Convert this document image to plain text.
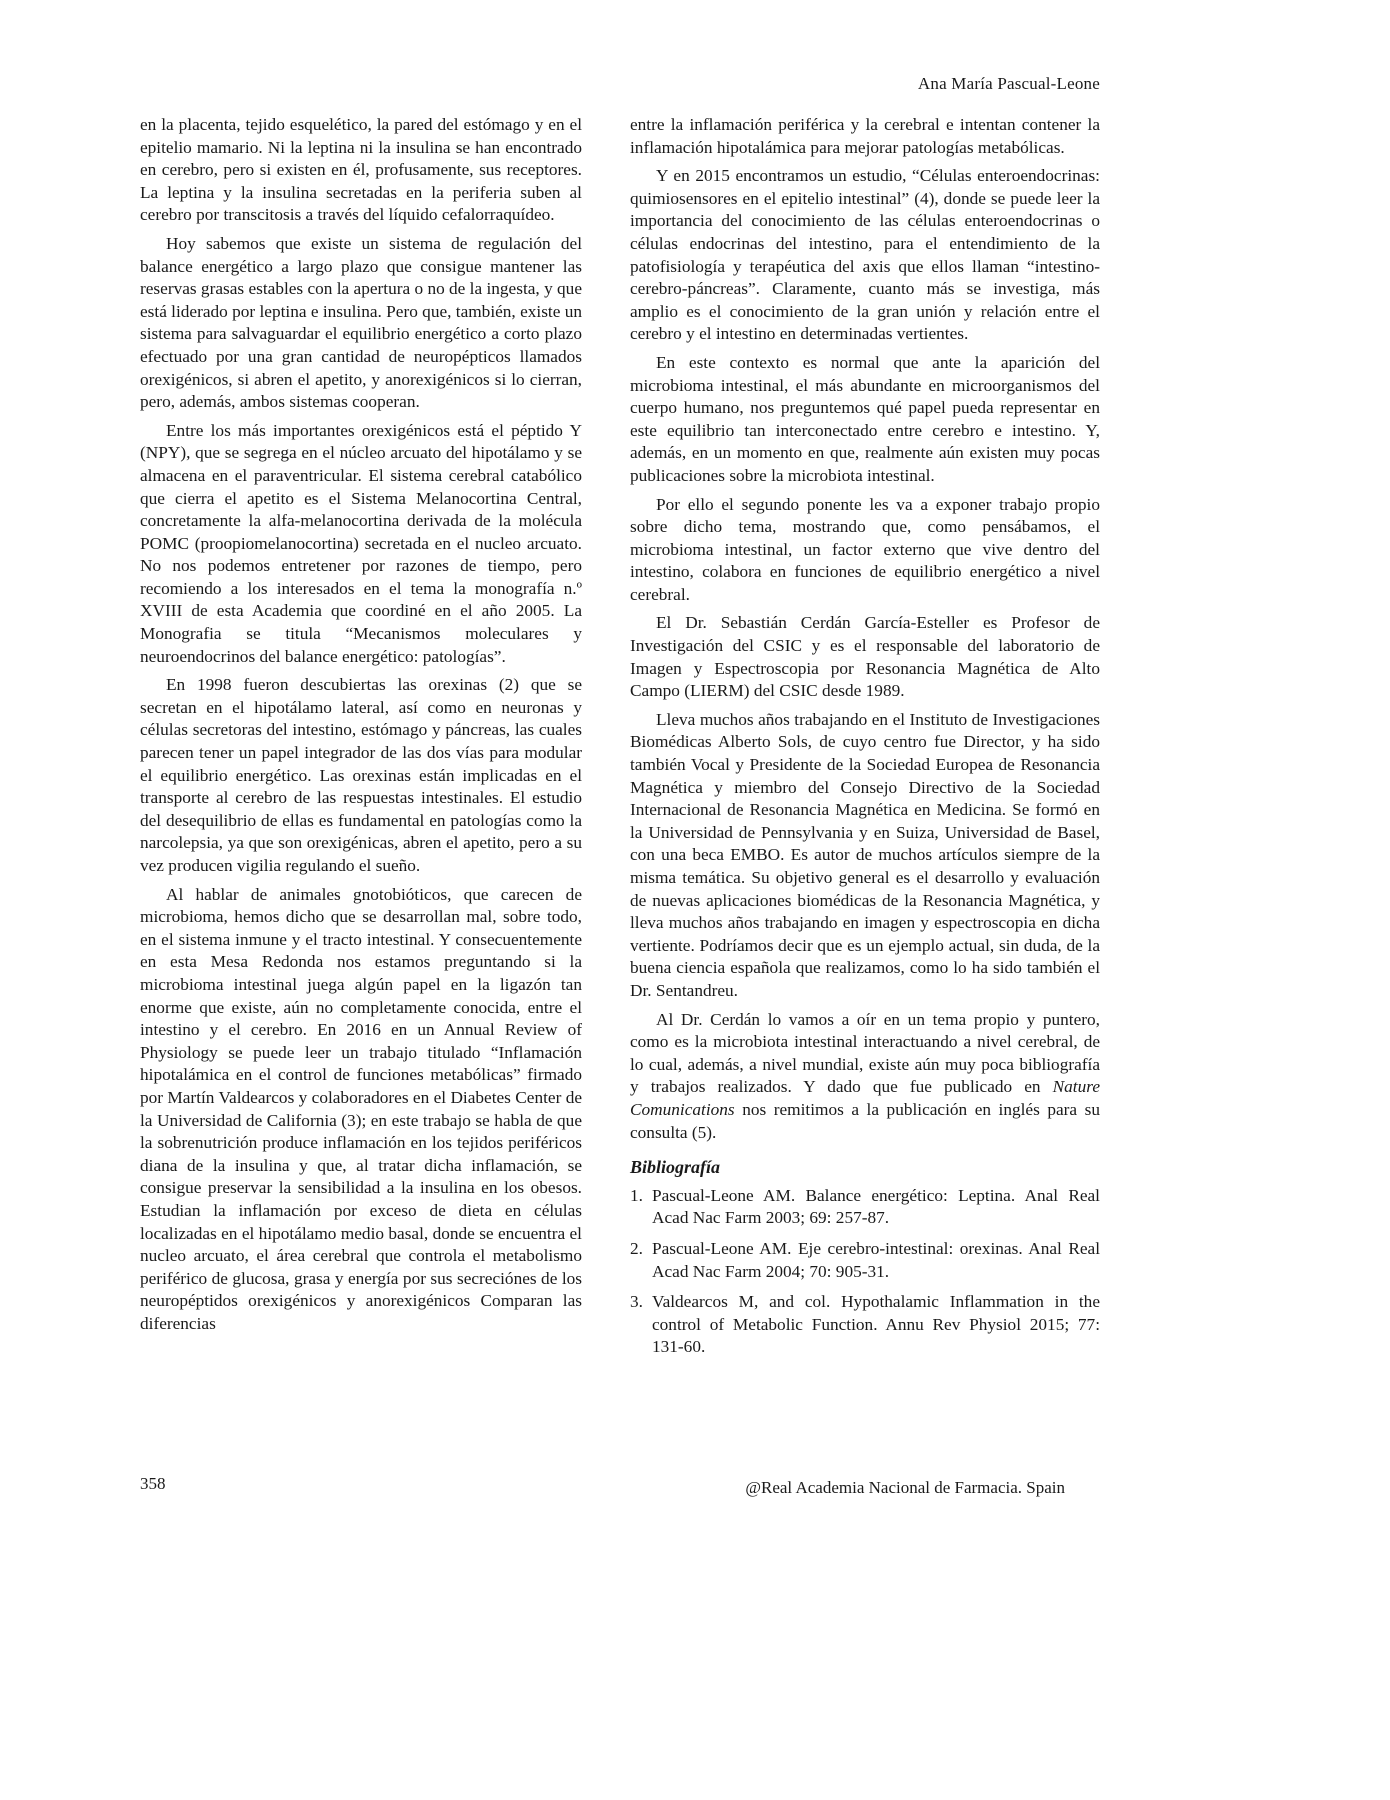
Ana María Pascual-Leone

en la placenta, tejido esquelético, la pared del estómago y en el epitelio mamario. Ni la leptina ni la insulina se han encontrado en cerebro, pero si existen en él, profusamente, sus receptores. La leptina y la insulina secretadas en la periferia suben al cerebro por transcitosis a través del líquido cefalorraquídeo.

Hoy sabemos que existe un sistema de regulación del balance energético a largo plazo que consigue mantener las reservas grasas estables con la apertura o no de la ingesta, y que está liderado por leptina e insulina. Pero que, también, existe un sistema para salvaguardar el equilibrio energético a corto plazo efectuado por una gran cantidad de neuropépticos llamados orexigénicos, si abren el apetito, y anorexigénicos si lo cierran, pero, además, ambos sistemas cooperan.

Entre los más importantes orexigénicos está el péptido Y (NPY), que se segrega en el núcleo arcuato del hipotálamo y se almacena en el paraventricular. El sistema cerebral catabólico que cierra el apetito es el Sistema Melanocortina Central, concretamente la alfa-melanocortina derivada de la molécula POMC (proopiomelanocortina) secretada en el nucleo arcuato. No nos podemos entretener por razones de tiempo, pero recomiendo a los interesados en el tema la monografía n.º XVIII de esta Academia que coordiné en el año 2005. La Monografia se titula “Mecanismos moleculares y neuroendocrinos del balance energético: patologías”.

En 1998 fueron descubiertas las orexinas (2) que se secretan en el hipotálamo lateral, así como en neuronas y células secretoras del intestino, estómago y páncreas, las cuales parecen tener un papel integrador de las dos vías para modular el equilibrio energético. Las orexinas están implicadas en el transporte al cerebro de las respuestas intestinales. El estudio del desequilibrio de ellas es fundamental en patologías como la narcolepsia, ya que son orexigénicas, abren el apetito, pero a su vez producen vigilia regulando el sueño.

Al hablar de animales gnotobióticos, que carecen de microbioma, hemos dicho que se desarrollan mal, sobre todo, en el sistema inmune y el tracto intestinal. Y consecuentemente en esta Mesa Redonda nos estamos preguntando si la microbioma intestinal juega algún papel en la ligazón tan enorme que existe, aún no completamente conocida, entre el intestino y el cerebro. En 2016 en un Annual Review of Physiology se puede leer un trabajo titulado “Inflamación hipotalámica en el control de funciones metabólicas” firmado por Martín Valdearcos y colaboradores en el Diabetes Center de la Universidad de California (3); en este trabajo se habla de que la sobrenutrición produce inflamación en los tejidos periféricos diana de la insulina y que, al tratar dicha inflamación, se consigue preservar la sensibilidad a la insulina en los obesos. Estudian la inflamación por exceso de dieta en células localizadas en el hipotálamo medio basal, donde se encuentra el nucleo arcuato, el área cerebral que controla el metabolismo periférico de glucosa, grasa y energía por sus secreciónes de los neuropéptidos orexigénicos y anorexigénicos Comparan las diferencias

entre la inflamación periférica y la cerebral e intentan contener la inflamación hipotalámica para mejorar patologías metabólicas.

Y en 2015 encontramos un estudio, “Células enteroendocrinas: quimiosensores en el epitelio intestinal” (4), donde se puede leer la importancia del conocimiento de las células enteroendocrinas o células endocrinas del intestino, para el entendimiento de la patofisiología y terapéutica del axis que ellos llaman “intestino-cerebro-páncreas”. Claramente, cuanto más se investiga, más amplio es el conocimiento de la gran unión y relación entre el cerebro y el intestino en determinadas vertientes.

En este contexto es normal que ante la aparición del microbioma intestinal, el más abundante en microorganismos del cuerpo humano, nos preguntemos qué papel pueda representar en este equilibrio tan interconectado entre cerebro e intestino. Y, además, en un momento en que, realmente aún existen muy pocas publicaciones sobre la microbiota intestinal.

Por ello el segundo ponente les va a exponer trabajo propio sobre dicho tema, mostrando que, como pensábamos, el microbioma intestinal, un factor externo que vive dentro del intestino, colabora en funciones de equilibrio energético a nivel cerebral.

El Dr. Sebastián Cerdán García-Esteller es Profesor de Investigación del CSIC y es el responsable del laboratorio de Imagen y Espectroscopia por Resonancia Magnética de Alto Campo (LIERM) del CSIC desde 1989.

Lleva muchos años trabajando en el Instituto de Investigaciones Biomédicas Alberto Sols, de cuyo centro fue Director, y ha sido también Vocal y Presidente de la Sociedad Europea de Resonancia Magnética y miembro del Consejo Directivo de la Sociedad Internacional de Resonancia Magnética en Medicina. Se formó en la Universidad de Pennsylvania y en Suiza, Universidad de Basel, con una beca EMBO. Es autor de muchos artículos siempre de la misma temática. Su objetivo general es el desarrollo y evaluación de nuevas aplicaciones biomédicas de la Resonancia Magnética, y lleva muchos años trabajando en imagen y espectroscopia en dicha vertiente. Podríamos decir que es un ejemplo actual, sin duda, de la buena ciencia española que realizamos, como lo ha sido también el Dr. Sentandreu.

Al Dr. Cerdán lo vamos a oír en un tema propio y puntero, como es la microbiota intestinal interactuando a nivel cerebral, de lo cual, además, a nivel mundial, existe aún muy poca bibliografía y trabajos realizados. Y dado que fue publicado en Nature Comunications nos remitimos a la publicación en inglés para su consulta (5).

Bibliografía
1. Pascual-Leone AM. Balance energético: Leptina. Anal Real Acad Nac Farm 2003; 69: 257-87.
2. Pascual-Leone AM. Eje cerebro-intestinal: orexinas. Anal Real Acad Nac Farm 2004; 70: 905-31.
3. Valdearcos M, and col. Hypothalamic Inflammation in the control of Metabolic Function. Annu Rev Physiol 2015; 77: 131-60.
358	@Real Academia Nacional de Farmacia. Spain
